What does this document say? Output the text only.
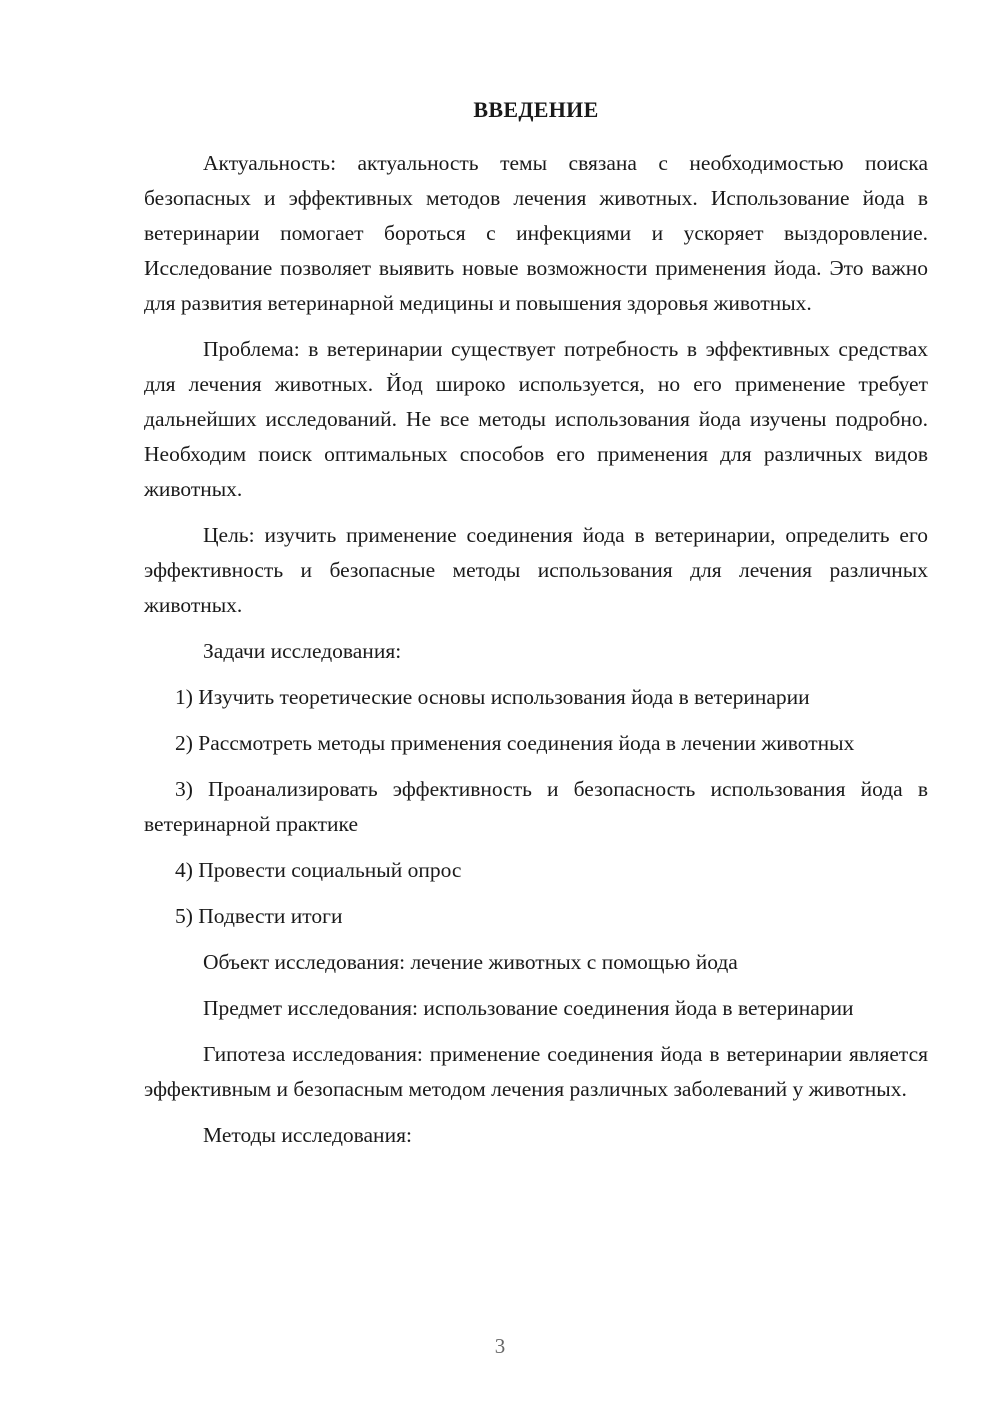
ВВЕДЕНИЕ

Актуальность: актуальность темы связана с необходимостью поиска безопасных и эффективных методов лечения животных. Использование йода в ветеринарии помогает бороться с инфекциями и ускоряет выздоровление. Исследование позволяет выявить новые возможности применения йода. Это важно для развития ветеринарной медицины и повышения здоровья животных.

Проблема: в ветеринарии существует потребность в эффективных средствах для лечения животных. Йод широко используется, но его применение требует дальнейших исследований. Не все методы использования йода изучены подробно. Необходим поиск оптимальных способов его применения для различных видов животных.

Цель: изучить применение соединения йода в ветеринарии, определить его эффективность и безопасные методы использования для лечения различных животных.

Задачи исследования:

1) Изучить теоретические основы использования йода в ветеринарии

2) Рассмотреть методы применения соединения йода в лечении животных

3) Проанализировать эффективность и безопасность использования йода в ветеринарной практике

4) Провести социальный опрос

5) Подвести итоги

Объект исследования: лечение животных с помощью йода

Предмет исследования: использование соединения йода в ветеринарии

Гипотеза исследования: применение соединения йода в ветеринарии является эффективным и безопасным методом лечения различных заболеваний у животных.

Методы исследования:

3
